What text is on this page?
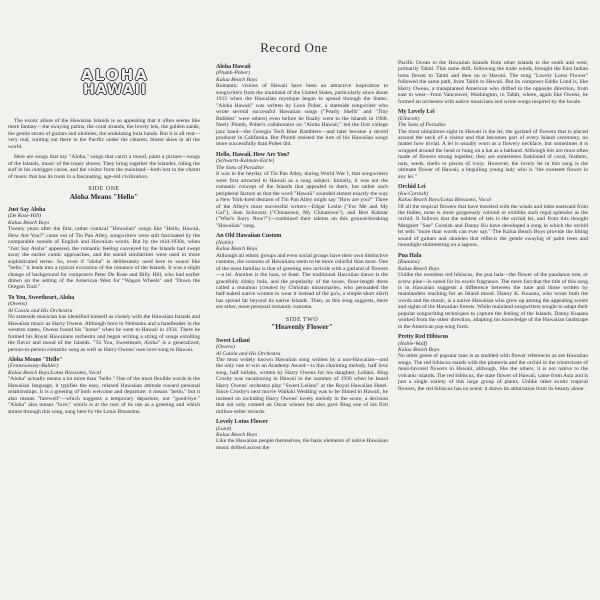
ALOHA
HAWAII
Record One

The exotic allure of the Hawaiian Islands is so appealing that it often seems like mere fantasy—the swaying palms, the coral strands, the lovely leis, the golden sands, the gentle strum of guitars and ukuleles, the undulating hula hands. But it is all real—very real, waiting out there in the Pacific under the clearest, bluest skies in all the world.

Here are songs that say "Aloha," songs that catch a mood, paint a picture—songs of the Islands, music of the tropic shores. They bring together the islander, riding the surf in his outrigger canoe, and the visitor from the mainland—both lost in the charm of music that has its roots in a fascinating, age-old civilization.

SIDE ONE
Aloha Means "Hello"
Just Say Aloha
(De Rose-Hill)
Kalua Beach Boys
Twenty years after the first, rather comical "Hawaiian" songs like "Hello, Hawaii, How Are You?" came out of Tin Pan Alley, songwriters were still fascinated by the comparable sounds of English and Hawaiian words. But by the mid-1930s, when "Just Say Aloha" appeared, the romantic feeling conveyed by the Islands had swept away the earlier comic approaches, and the sound similarities were used in more sophisticated terms. So, even if "aloha" is deliberately used here to sound like "hello," it leads into a typical evocation of the romance of the Islands. It was a slight change of background for composers Peter De Rose and Billy Hill, who had earlier drawn on the setting of the American West for "Wagon Wheels" and "Down the Oregon Trail."
To You, Sweetheart, Aloha
(Owens)
Al Caiola and His Orchestra
No stateside musician has identified himself as closely with the Hawaiian Islands and Hawaiian music as Harry Owens. Although born in Nebraska and a bandleader in the western states, Owens found his "home" when he went to Hawaii in 1934. There he formed his Royal Hawaiians orchestra and began writing a string of songs extolling the flavor and mood of the Islands. "To You, Sweetheart, Aloha" is a generalized, person-to-person romantic song as well as Harry Owens' own love song to Hawaii.
Aloha Means "Hello"
(Fennewessey-Buhler)
Kalua Beach Boys/Lotus Blossoms, Vocal
"Aloha" actually means a lot more than "hello." One of the most flexible words in the Hawaiian language, it typifies the easy, relaxed Hawaiian attitude toward personal relationships. It is a greeting of both welcome and departure; it means "hello," but it also means "farewell"—which suggests a temporary departure, not "good-bye." "Aloha" also means "love," which is at the root of its use as a greeting and which shines through this song, sung here by the Lotus Blossoms.
Aloha Hawaii
(Plumb-Pober)
Kalua Beach Boys
Romantic visions of Hawaii have been an attractive inspiration to songwriters from the mainland of the United States, particularly since about 1915 when the Hawaiian mystique began to spread through the States. "Aloha Hawaii" was written by Leon Pober, a stateside songwriter who wrote several successful Hawaiian songs ("Pearly Shells" and "Tiny Bubbles" were others) even before he finally went to the Islands in 1968. Neely Plumb, Pober's collaborator on "Aloha Hawaii," led the first college jazz band—the Georgia Tech Blue Ramblers—and later became a record producer in California. But Plumb resisted the lure of his Hawaiian songs more successfully than Pober did.
Hello, Hawaii, How Are You?
(Schwartz-Kalman-Earle)
The Sons of Paradise
It was in the heyday of Tin Pan Alley, during World War I, that songwriters were first attracted to Hawaii as a song subject. Initially, it was not the romantic concept of the Islands that appealed to them, but rather such peripheral factors as that the word "Hawaii" sounded almost exactly the way a New York-bred denizen of Tin Pan Alley might say "How are you?" Three of the Alley's most successful writers—Edgar Leslie ("For Me and My Gal"), Jean Schwartz ("Chinatown, My Chinatown"), and Bert Kalmar ("Who's Sorry Now?")—combined their talents on this ground-breaking "Hawaiian" song.
An Old Hawaiian Custom
(Noble)
Kalua Beach Boys
Although all ethnic groups and even social groups have their own distinctive customs, the customs of Hawaiians seem to be more colorful than most. One of the most familiar is that of greeting new arrivals with a garland of flowers—a lei. Another is the luau, or feast. The traditional Hawaiian dance is the gracefully slinky hula, and the popularity of the loose, floor-length dress called a muumuu (created by Christian missionaries, who persuaded the half-naked native women to wear it instead of the pa'u, a simple short skirt) has spread far beyond its native Islands. Then, as this song suggests, there are other, more personal romantic customs.
SIDE TWO
"Heavenly Flower"
Sweet Leilani
(Owens)
Al Caiola and His Orchestra
The most widely known Hawaiian song written by a non-Hawaiian—and the only one to win an Academy Award—is this charming melody, half love song, half lullaby, written by Harry Owens for his daughter, Leilani. Bing Crosby was vacationing in Hawaii in the summer of 1936 when he heard Harry Owens' orchestra play "Sweet Leilani" at the Royal Hawaiian Hotel. Since Crosby's next movie Waikiki Wedding was to be filmed in Hawaii, he insisted on including Harry Owens' lovely melody in the score, a decision that not only created an Oscar winner but also gave Bing one of his first million-seller records.
Lovely Lotus Flower
(Lund)
Kalua Beach Boys
Like the Hawaiian people themselves, the basic elements of native Hawaiian music drifted across the

Pacific Ocean to the Hawaiian Islands from other islands to the south and west, primarily Tahiti. This same drift, following the trade winds, brought the East Indian lotus flower to Tahiti and then on to Hawaii. The song "Lovely Lotus Flower" followed the same path, from Tahiti to Hawaii. But its composer Eddie Lund is, like Harry Owens, a transplanted American who drifted in the opposite direction, from east to west—from Vancouver, Washington, to Tahiti, where, again like Owens, he formed an orchestra with native musicians and wrote songs inspired by the locale.

My Lovely Lei
(Ellacott)
The Sons of Paradise
The most ubiquitous sight in Hawaii is the lei, the garland of flowers that is placed around the neck of a visitor and that becomes part of every Island ceremony, no matter how trivial. A lei is usually worn as a flowery necklace, but sometimes it is wrapped around the head or hung on a hat as a hatband. Although leis are most often made of flowers strung together, they are sometimes fashioned of coral, feathers, nuts, seeds, shells or pieces of ivory. However, the lovely lei in this song is the ultimate flower of Hawaii, a beguiling young lady who is "the sweetest flower in any lei."
Orchid Lei
(Ku-Cornish)
Kalua Beach Boys/Lotus Blossoms, Vocal
Of all the tropical flowers that have traveled with the winds and tides eastward from the Indies, none is more gorgeously colored or exhibits such regal splendor as the orchid. It follows that the noblest of leis is the orchid lei, and from this thought Margaret "Sue" Cornish and Danny Ku have developed a song in which the orchid lei tells "more than words can ever say." The Kalua Beach Boys provide the lilting sound of guitars and ukuleles that reflects the gentle swaying of palm trees and moonlight shimmering on a lagoon.
Pua Hala
(Kuaana)
Kalua Beach Boys
Unlike the scentless red hibiscus, the pua hala—the flower of the pandanus tree, or screw pine—is noted for its exotic fragrance. The mere fact that the title of this song is in Hawaiian suggests a difference between the tune and those written by mainlanders reaching for an Island mood. Danny K. Kuaana, who wrote both the words and the music, is a native Hawaiian who grew up among the appealing scents and sights of the Hawaiian forests. While mainland songwriters sought to adapt their popular songwriting techniques to capture the feeling of the Islands, Danny Kuaana worked from the other direction, adapting his knowledge of the Hawaiian landscape to the American pop song form.
Pretty Red Hibiscus
(Noble-Wolf)
Kalua Beach Boys
No other genre of popular tune is as studded with flower references as are Hawaiian songs. The red hibiscus stands with the plumeria and the orchid in the triumvirate of most-favored flowers in Hawaii, although, like the others, it is not native to the volcanic islands. The red hibiscus, the state flower of Hawaii, came from Asia and is just a single variety of this large group of plants. Unlike other exotic tropical flowers, the red hibiscus has no scent; it draws its admiration from its beauty alone.
